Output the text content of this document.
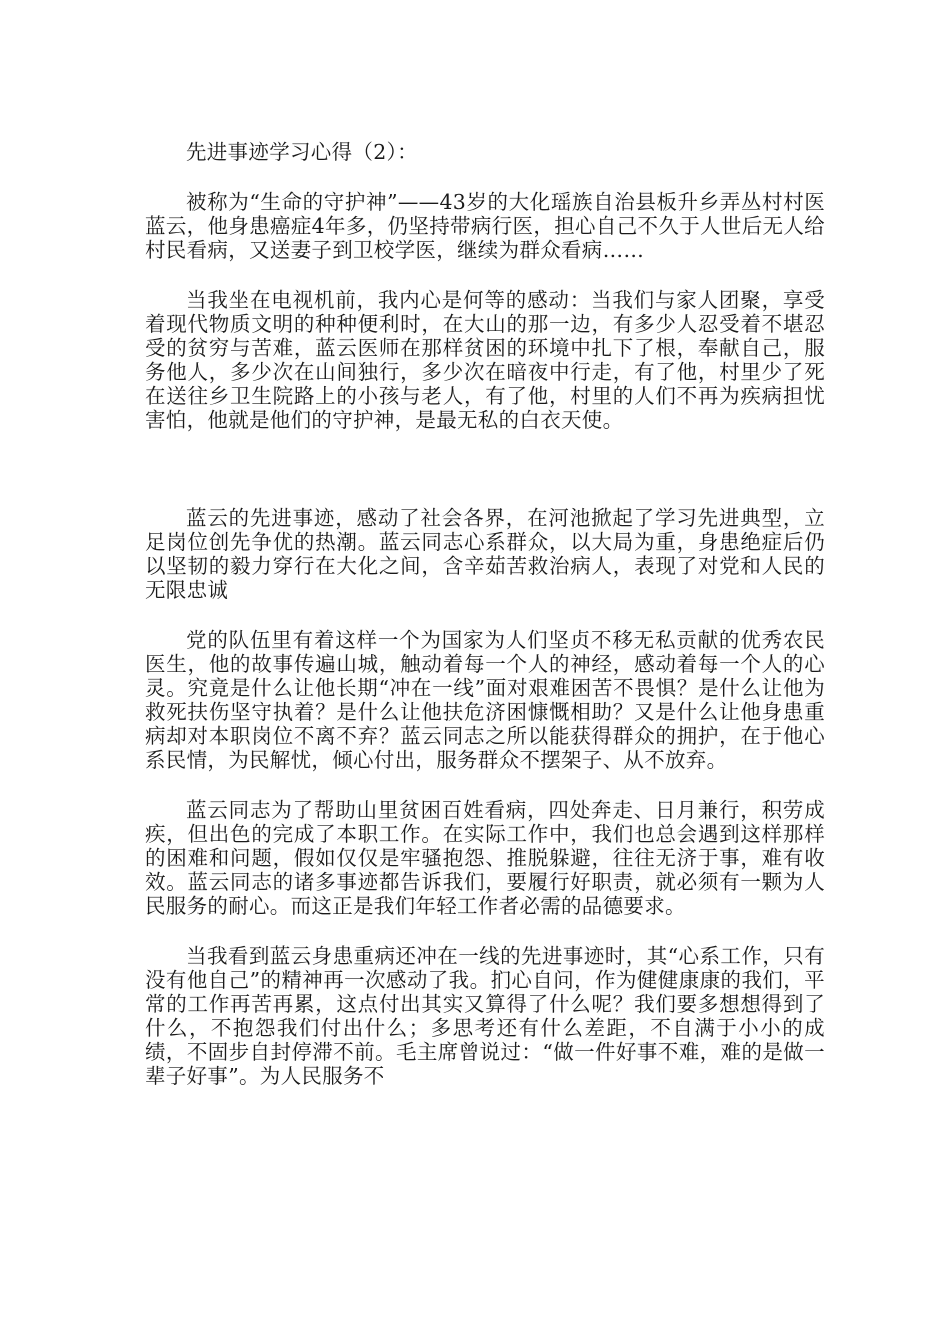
先进事迹学习心得（2）：

被称为“生命的守护神”——43岁的大化瑶族自治县板升乡弄丛村村医蓝云，他身患癌症4年多，仍坚持带病行医，担心自己不久于人世后无人给村民看病，又送妻子到卫校学医，继续为群众看病……

当我坐在电视机前，我内心是何等的感动：当我们与家人团聚，享受着现代物质文明的种种便利时，在大山的那一边，有多少人忍受着不堪忍受的贫穷与苦难，蓝云医师在那样贫困的环境中扎下了根，奉献自己，服务他人，多少次在山间独行，多少次在暗夜中行走，有了他，村里少了死在送往乡卫生院路上的小孩与老人，有了他，村里的人们不再为疾病担忧害怕，他就是他们的守护神，是最无私的白衣天使。

蓝云的先进事迹，感动了社会各界，在河池掀起了学习先进典型，立足岗位创先争优的热潮。蓝云同志心系群众，以大局为重，身患绝症后仍以坚韧的毅力穿行在大化之间，含辛茹苦救治病人，表现了对党和人民的无限忠诚

党的队伍里有着这样一个为国家为人们坚贞不移无私贡献的优秀农民医生，他的故事传遍山城，触动着每一个人的神经，感动着每一个人的心灵。究竟是什么让他长期“冲在一线”面对艰难困苦不畏惧？是什么让他为救死扶伤坚守执着？是什么让他扶危济困慷慨相助？又是什么让他身患重病却对本职岗位不离不弃？蓝云同志之所以能获得群众的拥护，在于他心系民情，为民解忧，倾心付出，服务群众不摆架子、从不放弃。

蓝云同志为了帮助山里贫困百姓看病，四处奔走、日月兼行，积劳成疾，但出色的完成了本职工作。在实际工作中，我们也总会遇到这样那样的困难和问题，假如仅仅是牢骚抱怨、推脱躲避，往往无济于事，难有收效。蓝云同志的诸多事迹都告诉我们，要履行好职责，就必须有一颗为人民服务的耐心。而这正是我们年轻工作者必需的品德要求。

当我看到蓝云身患重病还冲在一线的先进事迹时，其“心系工作，只有没有他自己”的精神再一次感动了我。扪心自问，作为健健康康的我们，平常的工作再苦再累，这点付出其实又算得了什么呢？我们要多想想得到了什么，不抱怨我们付出什么；多思考还有什么差距，不自满于小小的成绩，不固步自封停滞不前。毛主席曾说过：“做一件好事不难，难的是做一辈子好事”。为人民服务不
